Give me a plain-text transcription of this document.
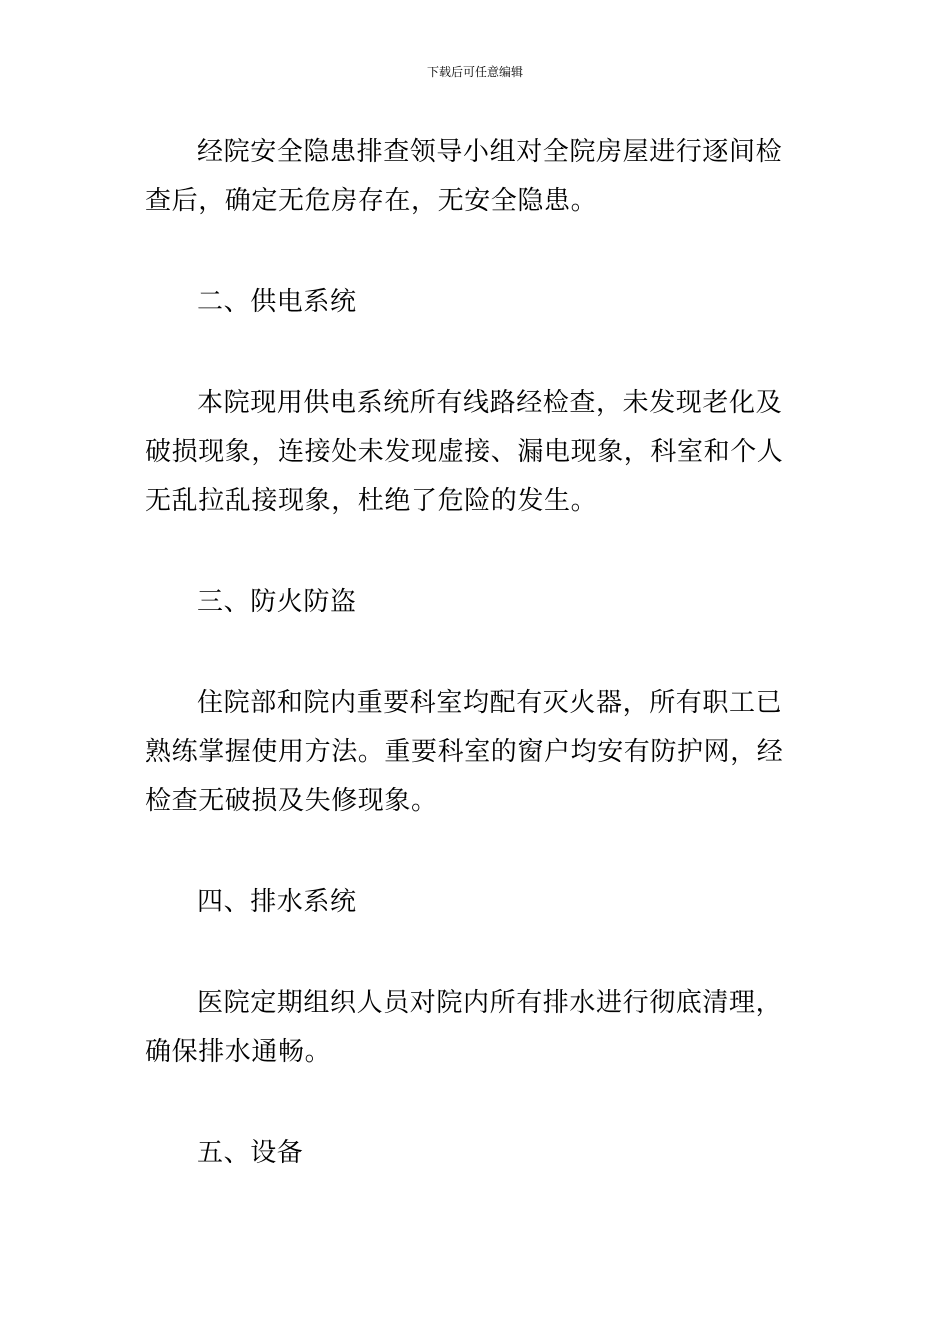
下载后可任意编辑

经院安全隐患排查领导小组对全院房屋进行逐间检查后，确定无危房存在，无安全隐患。

二、供电系统

本院现用供电系统所有线路经检查，未发现老化及破损现象，连接处未发现虚接、漏电现象，科室和个人无乱拉乱接现象，杜绝了危险的发生。

三、防火防盗

住院部和院内重要科室均配有灭火器，所有职工已熟练掌握使用方法。重要科室的窗户均安有防护网，经检查无破损及失修现象。

四、排水系统

医院定期组织人员对院内所有排水进行彻底清理，确保排水通畅。

五、设备
